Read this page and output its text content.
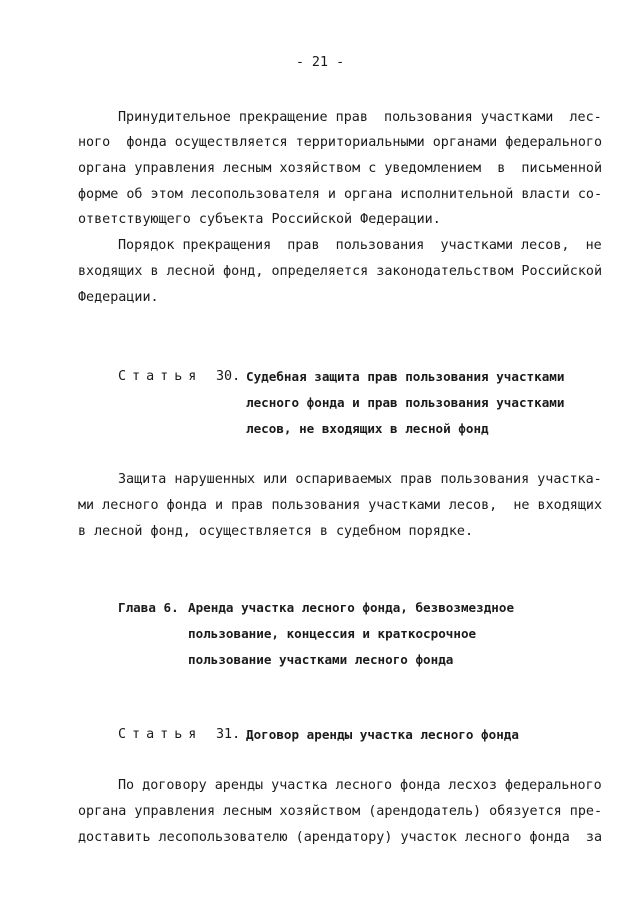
- 21 -
Принудительное прекращение прав  пользования участками  лес-
ного  фонда осуществляется территориальными органами федерального
органа управления лесным хозяйством с уведомлением  в  письменной
форме об этом лесопользователя и органа исполнительной власти со-
ответствующего субъекта Российской Федерации.
Порядок прекращения  прав  пользования  участками лесов,  не
входящих в лесной фонд, определяется законодательством Российской
Федерации.
Статья 30. Судебная защита прав пользования участками
лесного фонда и прав пользования участками
лесов, не входящих в лесной фонд
Защита нарушенных или оспариваемых прав пользования участка-
ми лесного фонда и прав пользования участками лесов,  не входящих
в лесной фонд, осуществляется в судебном порядке.
Глава 6. Аренда участка лесного фонда, безвозмездное
пользование, концессия и краткосрочное
пользование участками лесного фонда
Статья 31. Договор аренды участка лесного фонда
По договору аренды участка лесного фонда лесхоз федерального
органа управления лесным хозяйством (арендодатель) обязуется пре-
доставить лесопользователю (арендатору) участок лесного фонда  за
